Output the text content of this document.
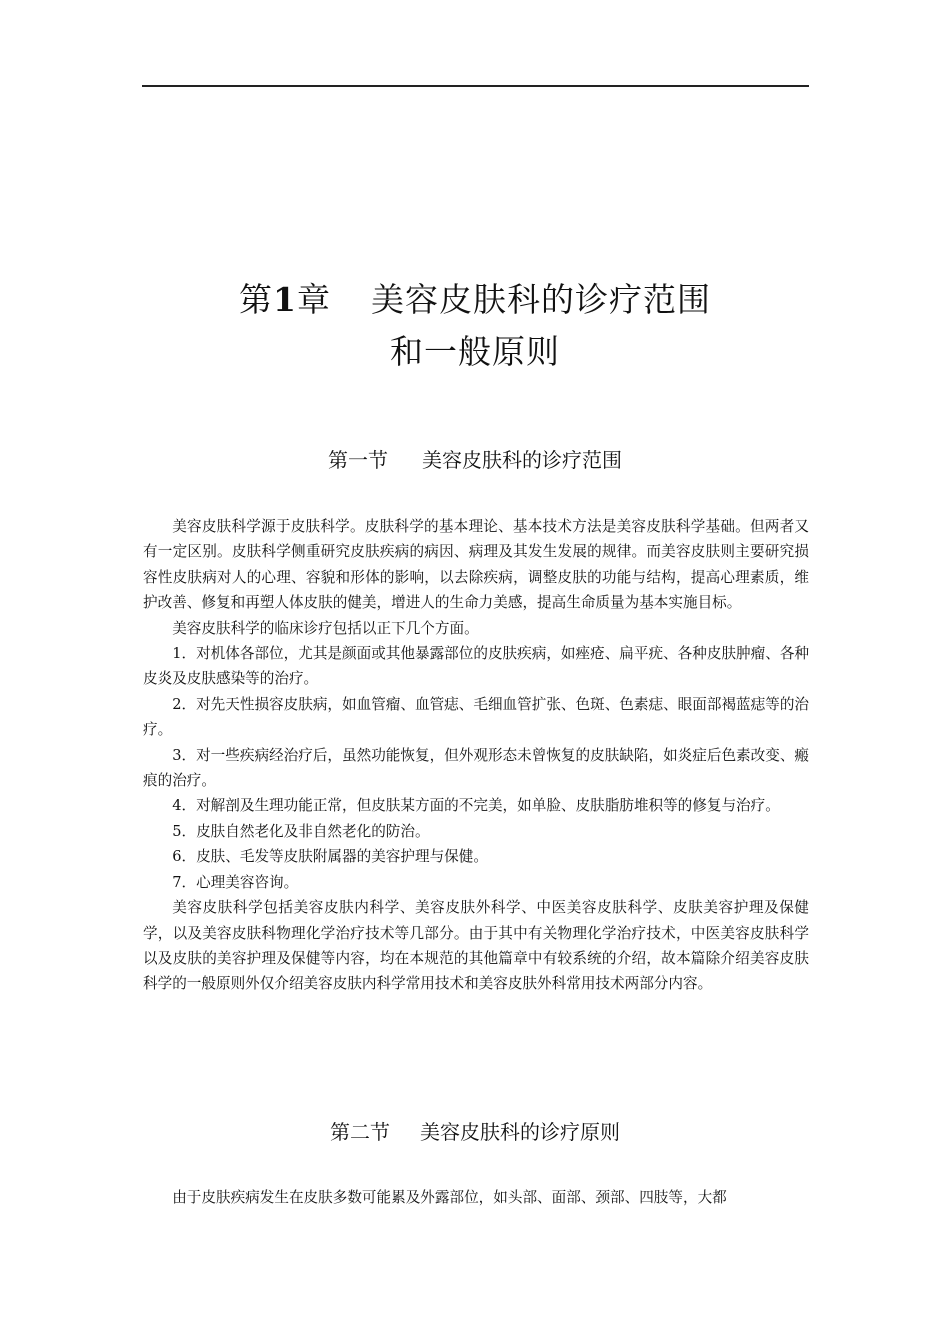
第1章 美容皮肤科的诊疗范围
和一般原则
第一节 美容皮肤科的诊疗范围

美容皮肤科学源于皮肤科学。皮肤科学的基本理论、基本技术方法是美容皮肤科学基础。但两者又有一定区别。皮肤科学侧重研究皮肤疾病的病因、病理及其发生发展的规律。而美容皮肤则主要研究损容性皮肤病对人的心理、容貌和形体的影响，以去除疾病，调整皮肤的功能与结构，提高心理素质，维护改善、修复和再塑人体皮肤的健美，增进人的生命力美感，提高生命质量为基本实施目标。

美容皮肤科学的临床诊疗包括以正下几个方面。

1．对机体各部位，尤其是颜面或其他暴露部位的皮肤疾病，如痤疮、扁平疣、各种皮肤肿瘤、各种皮炎及皮肤感染等的治疗。

2．对先天性损容皮肤病，如血管瘤、血管痣、毛细血管扩张、色斑、色素痣、眼面部褐蓝痣等的治疗。

3．对一些疾病经治疗后，虽然功能恢复，但外观形态未曾恢复的皮肤缺陷，如炎症后色素改变、瘢痕的治疗。

4．对解剖及生理功能正常，但皮肤某方面的不完美，如单脸、皮肤脂肪堆积等的修复与治疗。

5．皮肤自然老化及非自然老化的防治。

6．皮肤、毛发等皮肤附属器的美容护理与保健。

7．心理美容咨询。

美容皮肤科学包括美容皮肤内科学、美容皮肤外科学、中医美容皮肤科学、皮肤美容护理及保健学，以及美容皮肤科物理化学治疗技术等几部分。由于其中有关物理化学治疗技术，中医美容皮肤科学以及皮肤的美容护理及保健等内容，均在本规范的其他篇章中有较系统的介绍，故本篇除介绍美容皮肤科学的一般原则外仅介绍美容皮肤内科学常用技术和美容皮肤外科常用技术两部分内容。

第二节 美容皮肤科的诊疗原则

由于皮肤疾病发生在皮肤多数可能累及外露部位，如头部、面部、颈部、四肢等，大都
